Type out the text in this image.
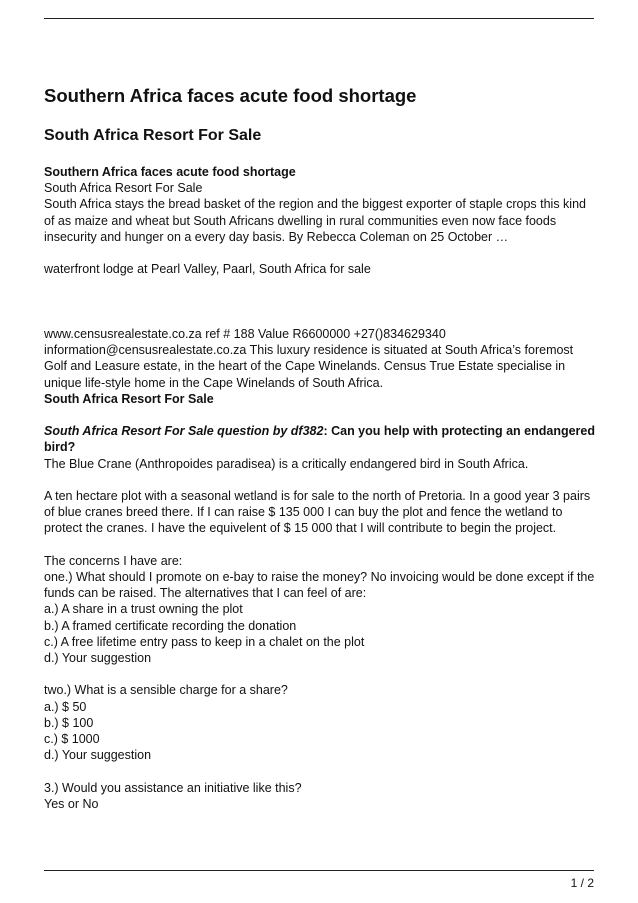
Southern Africa faces acute food shortage
South Africa Resort For Sale

Southern Africa faces acute food shortage

South Africa Resort For Sale

South Africa stays the bread basket of the region and the biggest exporter of staple crops this kind of as maize and wheat but South Africans dwelling in rural communities even now face foods insecurity and hunger on a every day basis. By Rebecca Coleman on 25 October …

waterfront lodge at Pearl Valley, Paarl, South Africa for sale

www.censusrealestate.co.za ref # 188 Value R6600000 +27()834629340

information@censusrealestate.co.za This luxury residence is situated at South Africa’s foremost Golf and Leasure estate, in the heart of the Cape Winelands. Census True Estate specialise in unique life-style home in the Cape Winelands of South Africa.

South Africa Resort For Sale

South Africa Resort For Sale question by df382: Can you help with protecting an endangered bird?

The Blue Crane (Anthropoides paradisea) is a critically endangered bird in South Africa.

A ten hectare plot with a seasonal wetland is for sale to the north of Pretoria. In a good year 3 pairs of blue cranes breed there. If I can raise $ 135 000 I can buy the plot and fence the wetland to protect the cranes. I have the equivelent of $ 15 000 that I will contribute to begin the project.

The concerns I have are:

one.) What should I promote on e-bay to raise the money? No invoicing would be done except if the funds can be raised. The alternatives that I can feel of are:

a.) A share in a trust owning the plot

b.) A framed certificate recording the donation

c.) A free lifetime entry pass to keep in a chalet on the plot

d.) Your suggestion

two.) What is a sensible charge for a share?

a.) $ 50

b.) $ 100

c.) $ 1000

d.) Your suggestion

3.) Would you assistance an initiative like this?

Yes or No

1 / 2
